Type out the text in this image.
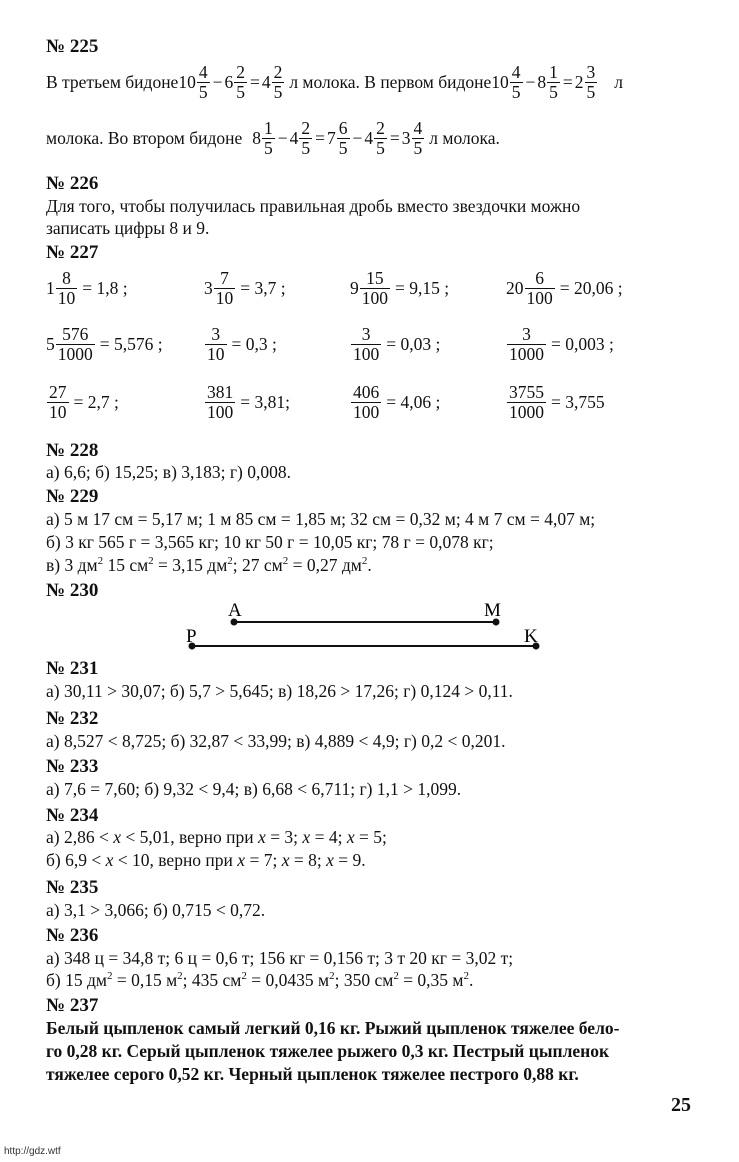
№ 225
В третьем бидоне $10 \frac{4}{5} - 6 \frac{2}{5} = 4 \frac{2}{5}$ л молока. В первом бидоне $10 \frac{4}{5} - 8 \frac{1}{5} = 2 \frac{3}{5}$ л
молока. Во втором бидоне $8 \frac{1}{5} - 4 \frac{2}{5} = 7 \frac{6}{5} - 4 \frac{2}{5} = 3 \frac{4}{5}$ л молока.
№ 226
Для того, чтобы получилась правильная дробь вместо звездочки можно
записать цифры 8 и 9.
№ 227
$1 \frac{8}{10} = 1,8$ ;	$3 \frac{7}{10} = 3,7$ ;	$9 \frac{15}{100} = 9,15$ ;	$20 \frac{6}{100} = 20,06$ ;
$5 \frac{576}{1000} = 5,576$ ; $\frac{3}{10} = 0,3$ ;	$\frac{3}{100} = 0,03$ ;	$\frac{3}{1000} = 0,003$ ;
$\frac{27}{10} = 2,7$ ;	$\frac{381}{100} = 3,81$;	$\frac{406}{100} = 4,06$ ;	$\frac{3755}{1000} = 3,755$
№ 228
а) 6,6; б) 15,25; в) 3,183; г) 0,008.
№ 229
а) 5 м 17 см = 5,17 м; 1 м 85 см = 1,85 м; 32 см = 0,32 м; 4 м 7 см = 4,07 м;
б) 3 кг 565 г = 3,565 кг; 10 кг 50 г = 10,05 кг; 78 г = 0,078 кг;
в) 3 $дм^2$ 15 $см^2 = 3,15$ $дм^2$; 27 $см^2 = 0,27$ $дм^2$.
№ 230
A	M
P	K
№ 231
а) 30,11 > 30,07; б) 5,7 > 5,645; в) 18,26 > 17,26; г) 0,124 > 0,11.
№ 232
а) 8,527 < 8,725; б) 32,87 < 33,99; в) 4,889 < 4,9; г) 0,2 < 0,201.
№ 233
а) 7,6 = 7,60; б) 9,32 < 9,4; в) 6,68 < 6,711; г) 1,1 > 1,099.
№ 234
а) 2,86 < x < 5,01, верно при x = 3; x = 4; x = 5;
б) 6,9 < x < 10, верно при x = 7; x = 8; x = 9.
№ 235
а) 3,1 > 3,066; б) 0,715 < 0,72.
№ 236
а) 348 ц = 34,8 т; 6 ц = 0,6 т; 156 кг = 0,156 т; 3 т 20 кг = 3,02 т;
б) 15 $дм^2 = 0,15$ $м^2$; 435 $см^2 = 0,0435$ $м^2$; 350 $см^2 = 0,35$ $м^2$.
№ 237
Белый цыпленок самый легкий 0,16 кг. Рыжий цыпленок тяжелее бело-
го 0,28 кг. Серый цыпленок тяжелее рыжего 0,3 кг. Пестрый цыпленок
тяжелее серого 0,52 кг. Черный цыпленок тяжелее пестрого 0,88 кг.
25
http://gdz.wtf
